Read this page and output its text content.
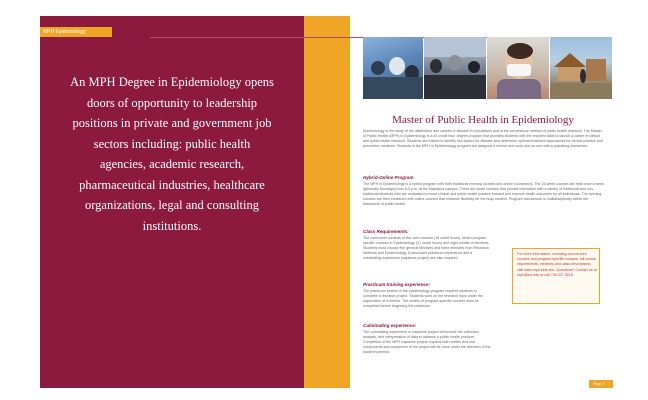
MPH Epidemiology
An MPH Degree in Epidemiology opens doors of opportunity to leadership positions in private and government job sectors including: public health agencies, academic research, pharmaceutical industries, healthcare organizations, legal and consulting institutions.
Master of Public Health in Epidemiology
Epidemiology is the study of the distribution and causes of disease in populations and is the cornerstone method of public health research. The Master of Public Health (MPH) in Epidemiology is a 44 credit hour degree program that provides students with the required skills to launch a career in clinical and public health research. Students are trained to identify risk factors for disease and determine optimal treatment approaches for clinical practice and preventive medicine. Students in the MPH in Epidemiology program are assigned a mentor and work one-on-one with a practicing researcher.
Hybrid-Online Program
The MPH in Epidemiology is a hybrid program with both traditional evening courses and online coursework. The 15-week courses are held once a week (generally Mondays) from 6-9 p.m. at the Maywood campus. There are some courses that provide interaction with a variety of traditional and non-traditional students who are motivated to move clinical and public health practice forward and improve health outcomes for all individuals. The evening courses are then combined with online courses that enhance flexibility for the busy student. Program coursework is multidisciplinary within the framework of public health.
Class Requirements:
The curriculum consists of five core courses (15 credit hours), seven program-specific courses in Epidemiology (21 credit hours) and eight credits of electives. Students must choose five general electives and three electives from Research Methods and Epidemiology. A structured practicum experience and a culminating experience (capstone project) are also required.
Practicum training experience:
The practicum portion of the epidemiology program requires students to complete a research project. Students work on the research topic under the supervision of a mentor. The credits of program-specific courses must be completed before beginning the practicum.
Culminating experience:
The culminating experience or capstone project will involve the collection, analysis, and interpretation of data to address a public health problem. Completion of the MPH capstone project requires both written and oral components and completion of the project will be done under the direction of the student's mentor.
For more information, including current core courses and program-specific courses, full course requirements, electives and class descriptions, visit www.mph.luhs.edu. Questions? Contact us at mph@luc.edu or call 708.327.9018.
Page 7
